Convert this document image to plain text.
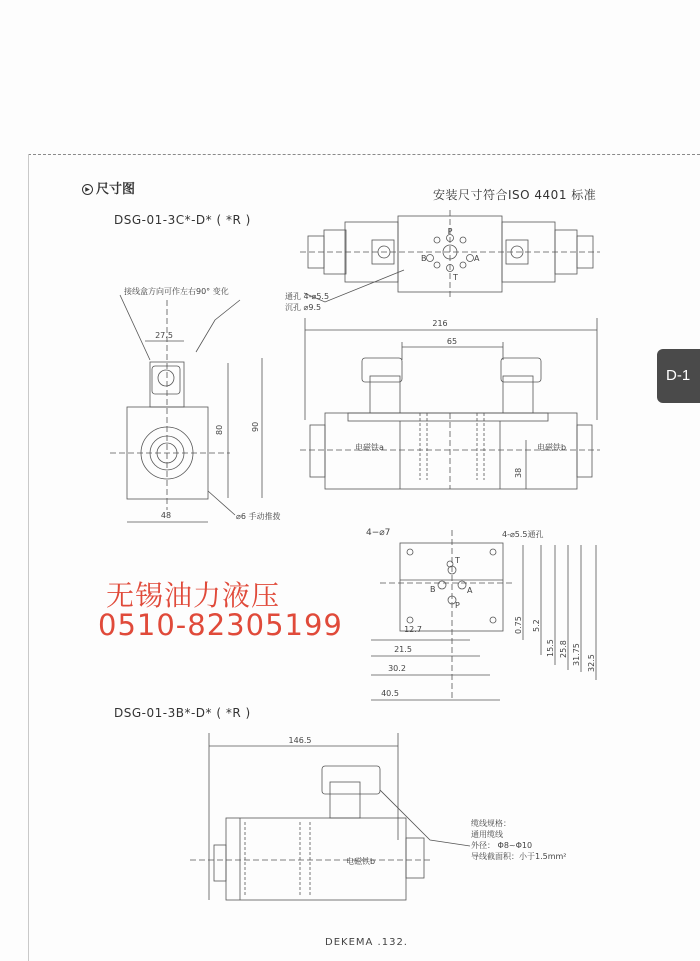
▶ 尺寸图	安装尺寸符合ISO 4401 标准
DSG-01-3C*-D* ( *R )
DSG-01-3B*-D* ( *R )
D-1
P
B	A
T
216
65
27.5
48
80	90
38
12.7
21.5
30.2
40.5
0.75 5.2
15.5 25.8 31.75 32.5
B	A
P
T
146.5
接线盒方向可作左右90° 变化
通孔 4-⌀5.5
沉孔 ⌀9.5
⌀6 手动推拨
电磁铁a	电磁铁b
电磁铁b
4−⌀7	4-⌀5.5通孔
缆线规格：
通用缆线
外径： Φ8~Φ10
导线截面积：小于1.5mm²
无锡油力液压
0510-82305199
DEKEMA .132.
